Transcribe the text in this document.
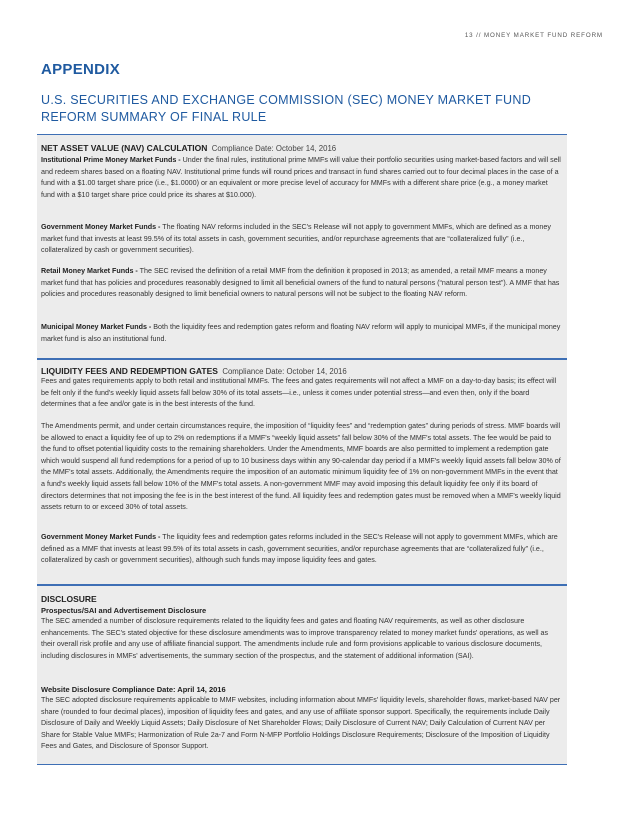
13 // MONEY MARKET FUND REFORM
APPENDIX
U.S. SECURITIES AND EXCHANGE COMMISSION (SEC) MONEY MARKET FUND REFORM SUMMARY OF FINAL RULE
NET ASSET VALUE (NAV) CALCULATION Compliance Date: October 14, 2016

Institutional Prime Money Market Funds - Under the final rules, institutional prime MMFs will value their portfolio securities using market-based factors and will sell and redeem shares based on a floating NAV. Institutional prime funds will round prices and transact in fund shares carried out to four decimal places in the case of a fund with a $1.00 target share price (i.e., $1.0000) or an equivalent or more precise level of accuracy for MMFs with a different share price (e.g., a money market fund with a $10 target share price could price its shares at $10.000).

Government Money Market Funds - The floating NAV reforms included in the SEC's Release will not apply to government MMFs, which are defined as a money market fund that invests at least 99.5% of its total assets in cash, government securities, and/or repurchase agreements that are “collateralized fully” (i.e., collateralized by cash or government securities).

Retail Money Market Funds - The SEC revised the definition of a retail MMF from the definition it proposed in 2013; as amended, a retail MMF means a money market fund that has policies and procedures reasonably designed to limit all beneficial owners of the fund to natural persons (“natural person test”). A MMF that has policies and procedures reasonably designed to limit beneficial owners to natural persons will not be subject to the floating NAV reform.

Municipal Money Market Funds - Both the liquidity fees and redemption gates reform and floating NAV reform will apply to municipal MMFs, if the municipal money market fund is also an institutional fund.

LIQUIDITY FEES AND REDEMPTION GATES Compliance Date: October 14, 2016

Fees and gates requirements apply to both retail and institutional MMFs. The fees and gates requirements will not affect a MMF on a day-to-day basis; its effect will be felt only if the fund's weekly liquid assets fall below 30% of its total assets—i.e., unless it comes under potential stress—and even then, only if the board determines that a fee and/or gate is in the best interests of the fund.

The Amendments permit, and under certain circumstances require, the imposition of “liquidity fees” and “redemption gates” during periods of stress. MMF boards will be allowed to enact a liquidity fee of up to 2% on redemptions if a MMF's “weekly liquid assets” fall below 30% of the MMF's total assets. The fee would be paid to the fund to offset potential liquidity costs to the remaining shareholders. Under the Amendments, MMF boards are also permitted to implement a redemption gate which would suspend all fund redemptions for a period of up to 10 business days within any 90-calendar day period if a MMF's weekly liquid assets fall below 30% of the MMF's total assets. Additionally, the Amendments require the imposition of an automatic minimum liquidity fee of 1% on non-government MMFs in the event that a fund's weekly liquid assets fall below 10% of the MMF's total assets. A non-government MMF may avoid imposing this default liquidity fee only if its board of directors determines that not imposing the fee is in the best interest of the fund. All liquidity fees and redemption gates must be removed when a MMF's weekly liquid assets return to or exceed 30% of total assets.

Government Money Market Funds - The liquidity fees and redemption gates reforms included in the SEC's Release will not apply to government MMFs, which are defined as a MMF that invests at least 99.5% of its total assets in cash, government securities, and/or repurchase agreements that are “collateralized fully” (i.e., collateralized by cash or government securities), although such funds may impose liquidity fees and gates.

DISCLOSURE
Prospectus/SAI and Advertisement Disclosure

The SEC amended a number of disclosure requirements related to the liquidity fees and gates and floating NAV requirements, as well as other disclosure enhancements. The SEC's stated objective for these disclosure amendments was to improve transparency related to money market funds' operations, as well as their overall risk profile and any use of affiliate financial support. The amendments include rule and form provisions applicable to various disclosure documents, including disclosures in MMFs' advertisements, the summary section of the prospectus, and the statement of additional information (SAI).

Website Disclosure Compliance Date: April 14, 2016

The SEC adopted disclosure requirements applicable to MMF websites, including information about MMFs' liquidity levels, shareholder flows, market-based NAV per share (rounded to four decimal places), imposition of liquidity fees and gates, and any use of affiliate sponsor support. Specifically, the requirements include Daily Disclosure of Daily and Weekly Liquid Assets; Daily Disclosure of Net Shareholder Flows; Daily Disclosure of Current NAV; Daily Calculation of Current NAV per Share for Stable Value MMFs; Harmonization of Rule 2a-7 and Form N-MFP Portfolio Holdings Disclosure Requirements; Disclosure of the Imposition of Liquidity Fees and Gates, and Disclosure of Sponsor Support.
